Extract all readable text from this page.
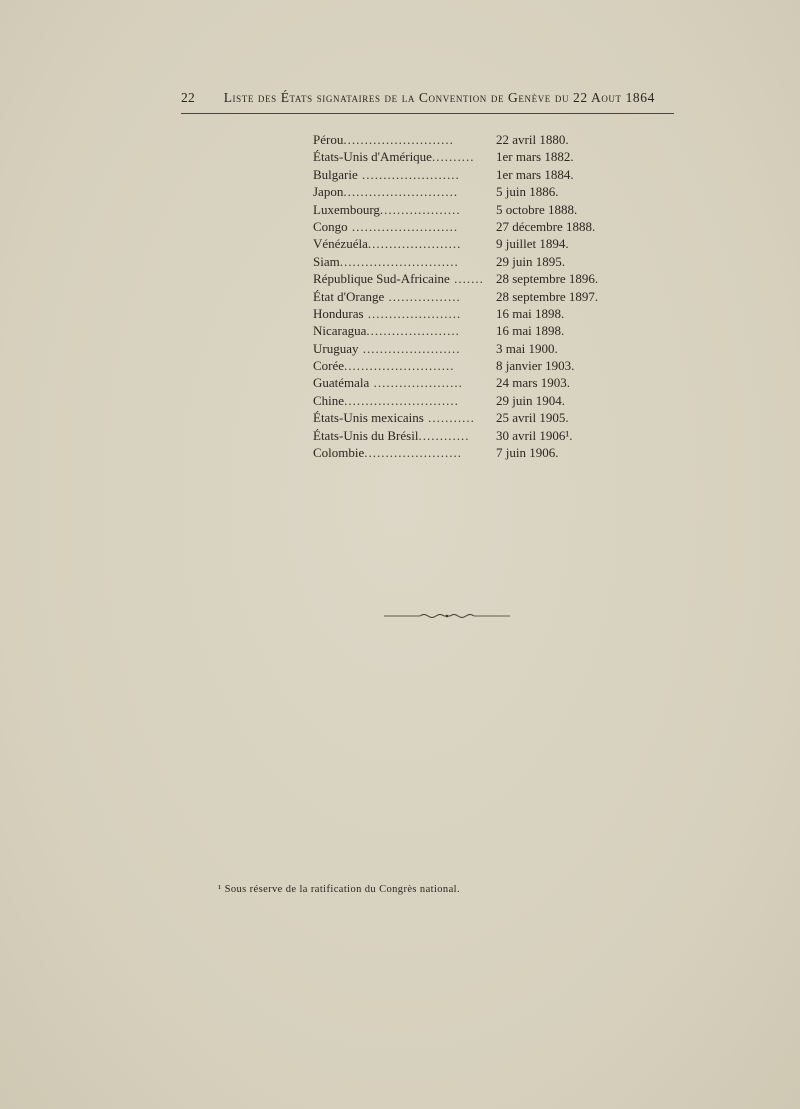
22	Liste des États signataires de la Convention de Genève du 22 Aout 1864
Pérou..........................	22 avril 1880.
États-Unis d'Amérique..........	1er mars 1882.
Bulgarie .......................	1er mars 1884.
Japon...........................	5 juin 1886.
Luxembourg...................	5 octobre 1888.
Congo .........................	27 décembre 1888.
Vénézuéla......................	9 juillet 1894.
Siam............................	29 juin 1895.
République Sud-Africaine ....... 28 septembre 1896.
État d'Orange .................	28 septembre 1897.
Honduras ......................	16 mai 1898.
Nicaragua......................	16 mai 1898.
Uruguay .......................	3 mai 1900.
Corée..........................	8 janvier 1903.
Guatémala .....................	24 mars 1903.
Chine...........................	29 juin 1904.
États-Unis mexicains ...........	25 avril 1905.
États-Unis du Brésil............	30 avril 1906¹.
Colombie.......................	7 juin 1906.
¹ Sous réserve de la ratification du Congrès national.
